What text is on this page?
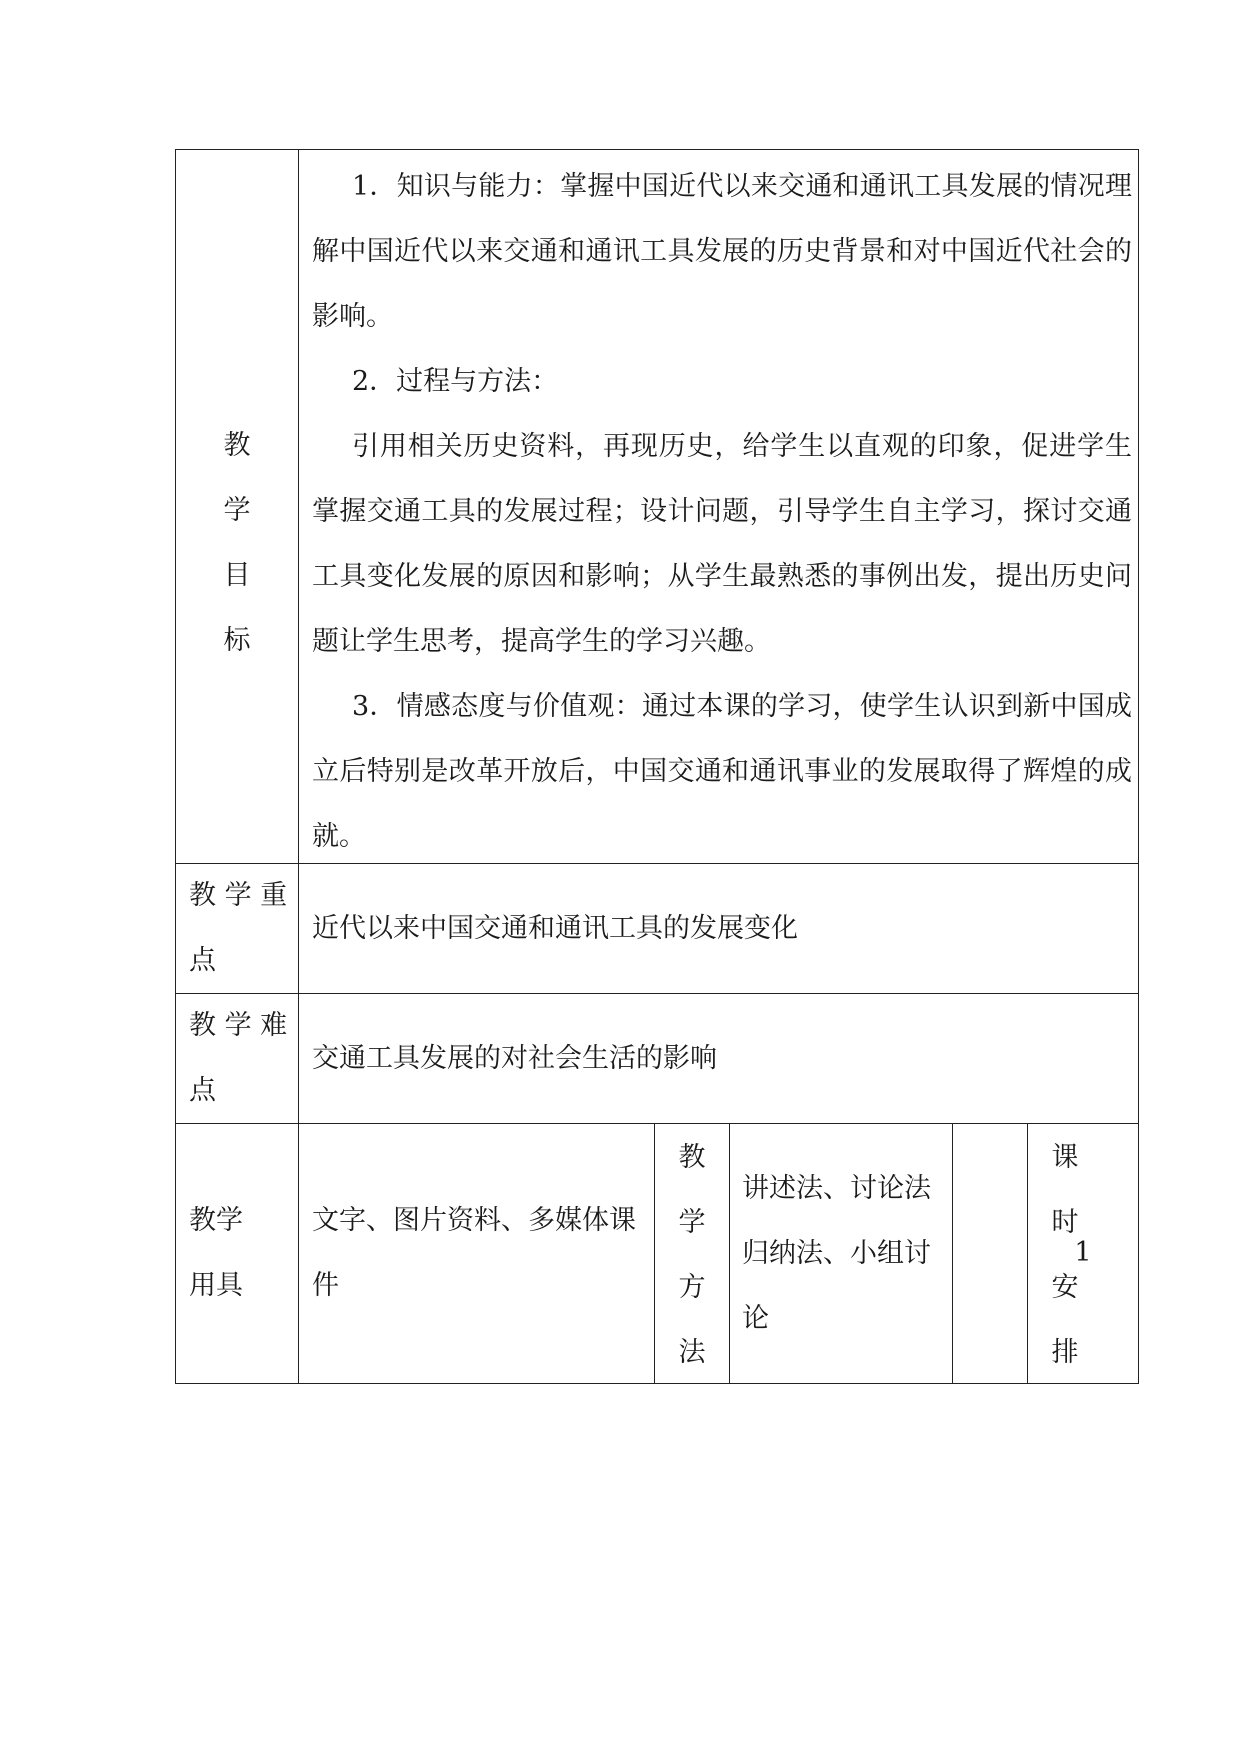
教
学
目
标

1．知识与能力：掌握中国近代以来交通和通讯工具发展的情况理解中国近代以来交通和通讯工具发展的历史背景和对中国近代社会的影响。

2．过程与方法：

引用相关历史资料，再现历史，给学生以直观的印象，促进学生掌握交通工具的发展过程；设计问题，引导学生自主学习，探讨交通工具变化发展的原因和影响；从学生最熟悉的事例出发，提出历史问题让学生思考，提高学生的学习兴趣。

3．情感态度与价值观：通过本课的学习，使学生认识到新中国成立后特别是改革开放后，中国交通和通讯事业的发展取得了辉煌的成就。

教 学 重
点
近代以来中国交通和通讯工具的发展变化
教 学 难
点
交通工具发展的对社会生活的影响
教学
用具
文字、图片资料、多媒体课件
教
学
方
法
讲述法、讨论法归纳法、小组讨论
课
时
安
排
1
